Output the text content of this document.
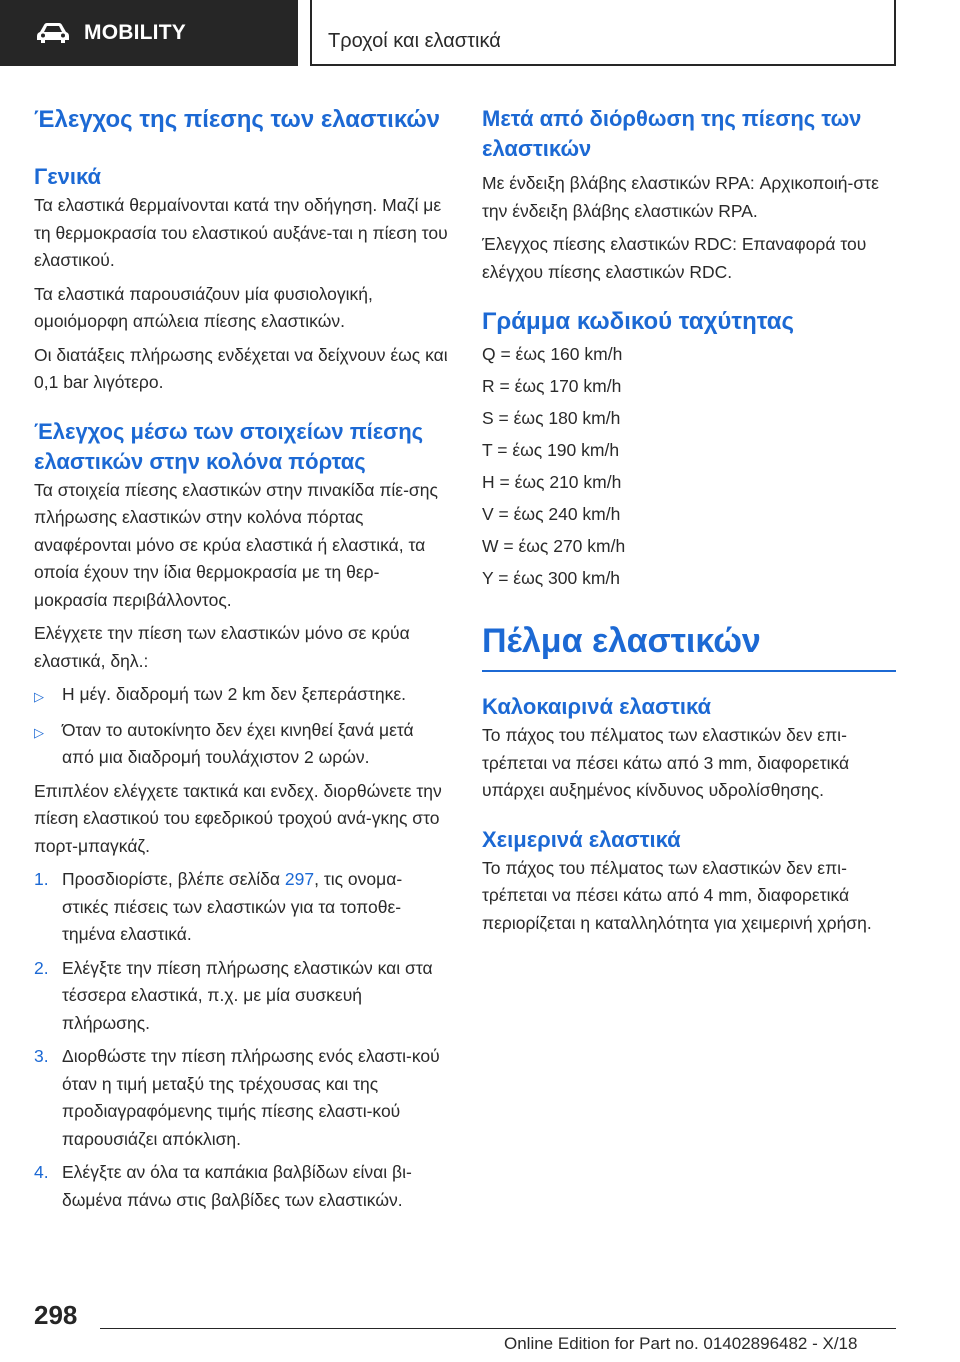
MOBILITY	Τροχοί και ελαστικά
Έλεγχος της πίεσης των ελαστικών
Γενικά

Τα ελαστικά θερμαίνονται κατά την οδήγηση. Μαζί με τη θερμοκρασία του ελαστικού αυξάνε-ται η πίεση του ελαστικού.

Τα ελαστικά παρουσιάζουν μία φυσιολογική, ομοιόμορφη απώλεια πίεσης ελαστικών.

Οι διατάξεις πλήρωσης ενδέχεται να δείχνουν έως και 0,1 bar λιγότερο.

Έλεγχος μέσω των στοιχείων πίεσης ελαστικών στην κολόνα πόρτας

Τα στοιχεία πίεσης ελαστικών στην πινακίδα πίε-σης πλήρωσης ελαστικών στην κολόνα πόρτας αναφέρονται μόνο σε κρύα ελαστικά ή ελαστικά, τα οποία έχουν την ίδια θερμοκρασία με τη θερ-μοκρασία περιβάλλοντος.

Ελέγχετε την πίεση των ελαστικών μόνο σε κρύα ελαστικά, δηλ.:

▷	Η μέγ. διαδρομή των 2 km δεν ξεπεράστηκε.
▷	Όταν το αυτοκίνητο δεν έχει κινηθεί ξανά μετά από μια διαδρομή τουλάχιστον 2 ωρών.

Επιπλέον ελέγχετε τακτικά και ενδεχ. διορθώνετε την πίεση ελαστικού του εφεδρικού τροχού ανά-γκης στο πορτ-μπαγκάζ.

1. Προσδιορίστε, βλέπε σελίδα 297, τις ονομα-στικές πιέσεις των ελαστικών για τα τοποθε-τημένα ελαστικά.
2. Ελέγξτε την πίεση πλήρωσης ελαστικών και στα τέσσερα ελαστικά, π.χ. με μία συσκευή πλήρωσης.
3. Διορθώστε την πίεση πλήρωσης ενός ελαστι-κού όταν η τιμή μεταξύ της τρέχουσας και της προδιαγραφόμενης τιμής πίεσης ελαστι-κού παρουσιάζει απόκλιση.
4. Ελέγξτε αν όλα τα καπάκια βαλβίδων είναι βι-δωμένα πάνω στις βαλβίδες των ελαστικών.
Μετά από διόρθωση της πίεσης των ελαστικών

Με ένδειξη βλάβης ελαστικών RPA: Αρχικοποιή-στε την ένδειξη βλάβης ελαστικών RPA.

Έλεγχος πίεσης ελαστικών RDC: Επαναφορά του ελέγχου πίεσης ελαστικών RDC.

Γράμμα κωδικού ταχύτητας

Q = έως 160 km/h

R = έως 170 km/h

S = έως 180 km/h

T = έως 190 km/h

H = έως 210 km/h

V = έως 240 km/h

W = έως 270 km/h

Y = έως 300 km/h

Πέλμα ελαστικών
Καλοκαιρινά ελαστικά

Το πάχος του πέλματος των ελαστικών δεν επι-τρέπεται να πέσει κάτω από 3 mm, διαφορετικά υπάρχει αυξημένος κίνδυνος υδρολίσθησης.

Χειμερινά ελαστικά

Το πάχος του πέλματος των ελαστικών δεν επι-τρέπεται να πέσει κάτω από 4 mm, διαφορετικά περιορίζεται η καταλληλότητα για χειμερινή χρήση.

298
Online Edition for Part no. 01402896482 - X/18
